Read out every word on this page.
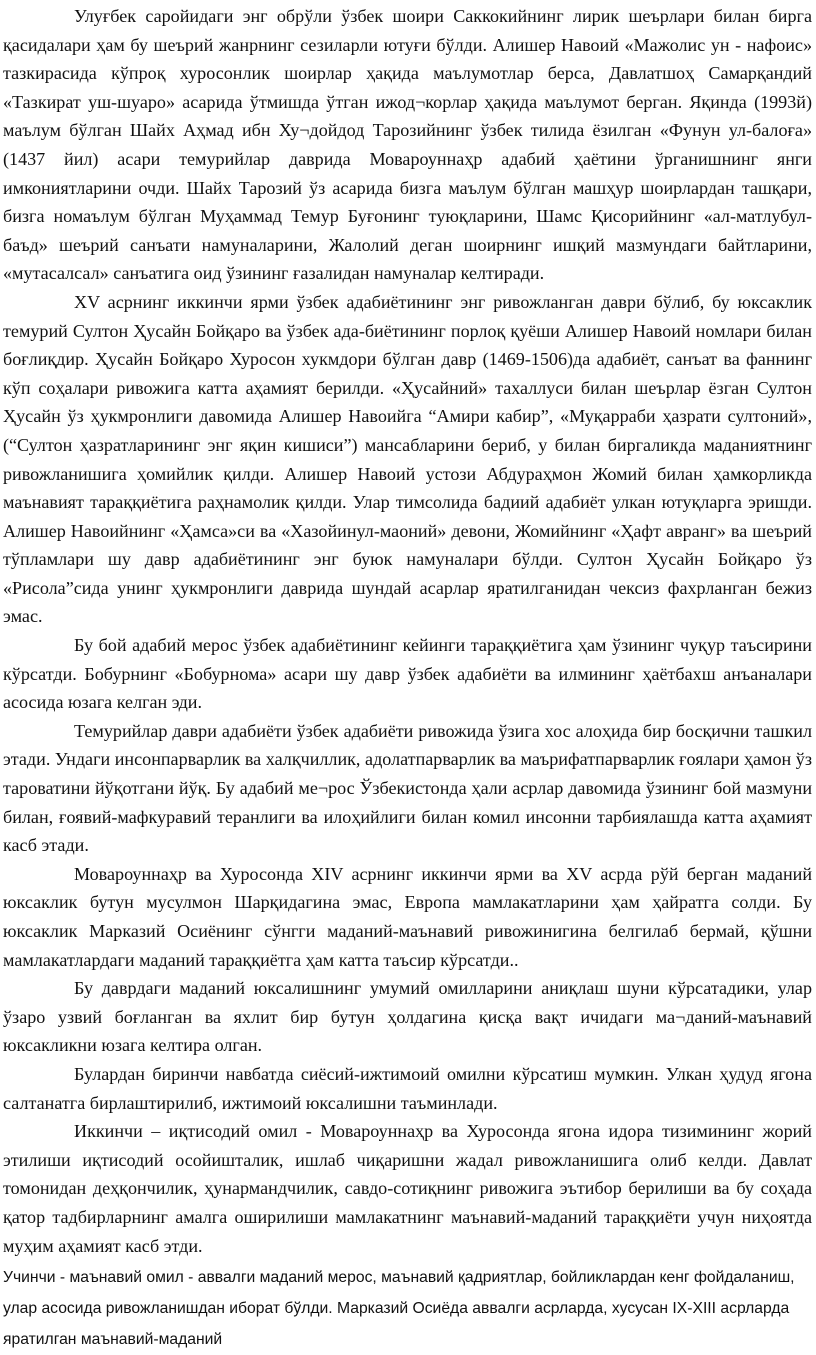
Улуғбек саройидаги энг обрўли ўзбек шоири Саккокийнинг лирик шеърлари билан бирга қасидалари ҳам бу шеърий жанрнинг сезиларли ютуғи бўлди. Алишер Навоий «Мажолис ун - нафоис» тазкирасида кўпроқ хуросонлик шоирлар ҳақида маълумотлар берса, Давлатшоҳ Самарқандий «Тазкират уш-шуаро» асарида ўтмишда ўтган ижод¬корлар ҳақида маълумот берган. Яқинда (1993й) маълум бўлган Шайх Аҳмад ибн Ху¬дойдод Тарозийнинг ўзбек тилида ёзилган «Фунун ул-балоға» (1437 йил) асари темурийлар даврида Мовароуннаҳр адабий ҳаётини ўрганишнинг янги имкониятларини очди. Шайх Тарозий ўз асарида бизга маълум бўлган машҳур шоирлардан ташқари, бизга номаълум бўлган Муҳаммад Темур Буғонинг туюқларини, Шамс Қисорийнинг «ал-матлубул-баъд» шеърий санъати намуналарини, Жалолий деган шоирнинг ишқий мазмундаги байтларини, «мутасалсал» санъатига оид ўзининг ғазалидан намуналар келтиради.

XV асрнинг иккинчи ярми ўзбек адабиётининг энг ривожланган даври бўлиб, бу юксаклик темурий Султон Ҳусайн Бойқаро ва ўзбек ада-биётининг порлоқ қуёши Алишер Навоий номлари билан боғлиқдир. Ҳусайн Бойқаро Хуросон хукмдори бўлган давр (1469-1506)да адабиёт, санъат ва фаннинг кўп соҳалари ривожига катта аҳамият берилди. «Ҳусайний» тахаллуси билан шеърлар ёзган Султон Ҳусайн ўз ҳукмронлиги давомида Алишер Навоийга “Амири кабир”, «Муқарраби ҳазрати султоний», (“Султон ҳазратларининг энг яқин кишиси”) мансабларини бериб, у билан биргаликда маданиятнинг ривожланишига ҳомийлик қилди. Алишер Навоий устози Абдураҳмон Жомий билан ҳамкорликда маънавият тараққиётига раҳнамолик қилди. Улар тимсолида бадиий адабиёт улкан ютуқларга эришди. Алишер Навоийнинг «Ҳамса»си ва «Хазойинул-маоний» девони, Жомийнинг «Ҳафт авранг» ва шеърий тўпламлари шу давр адабиётининг энг буюк намуналари бўлди. Султон Ҳусайн Бойқаро ўз «Рисола”сида унинг ҳукмронлиги даврида шундай асарлар яратилганидан чексиз фахрланган бежиз эмас.

Бу бой адабий мерос ўзбек адабиётининг кейинги тараққиётига ҳам ўзининг чуқур таъсирини кўрсатди. Бобурнинг «Бобурнома» асари шу давр ўзбек адабиёти ва илмининг ҳаётбахш анъаналари асосида юзага келган эди.

Темурийлар даври адабиёти ўзбек адабиёти ривожида ўзига хос алоҳида бир босқични ташкил этади. Ундаги инсонпарварлик ва халқчиллик, адолатпарварлик ва маърифатпарварлик ғоялари ҳамон ўз тароватини йўқотгани йўқ. Бу адабий ме¬рос Ўзбекистонда ҳали асрлар давомида ўзининг бой мазмуни билан, ғоявий-мафкуравий теранлиги ва илоҳийлиги билан комил инсонни тарбиялашда катта аҳамият касб этади.

Мовароуннаҳр ва Хуросонда XIV асрнинг иккинчи ярми ва XV асрда рўй берган маданий юксаклик бутун мусулмон Шарқидагина эмас, Европа мамлакатларини ҳам ҳайратга солди. Бу юксаклик Марказий Осиёнинг сўнгги маданий-маънавий ривожинигина белгилаб бермай, қўшни мамлакатлардаги маданий тараққиётга ҳам катта таъсир кўрсатди..

Бу даврдаги маданий юксалишнинг умумий омилларини аниқлаш шуни кўрсатадики, улар ўзаро узвий боғланган ва яхлит бир бутун ҳолдагина қисқа вақт ичидаги ма¬даний-маънавий юксакликни юзага келтира олган.

Булардан биринчи навбатда сиёсий-ижтимоий омилни кўрсатиш мумкин. Улкан ҳудуд ягона салтанатга бирлаштирилиб, ижтимоий юксалишни таъминлади.

Иккинчи – иқтисодий омил - Мовароуннаҳр ва Хуросонда ягона идора тизимининг жорий этилиши иқтисодий осойишталик, ишлаб чиқаришни жадал ривожланишига олиб келди. Давлат томонидан деҳқончилик, ҳунармандчилик, савдо-сотиқнинг ривожига эътибор берилиши ва бу соҳада қатор тадбирларнинг амалга оширилиши мамлакатнинг маънавий-маданий тараққиёти учун ниҳоятда муҳим аҳамият касб этди.

Учинчи - маънавий омил - аввалги маданий мерос, маънавий қадриятлар, бойликлардан кенг фойдаланиш, улар асосида ривожланишдан иборат бўлди. Марказий Осиёда аввалги асрларда, хусусан IX-XIII асрларда яратилган маънавий-маданий
